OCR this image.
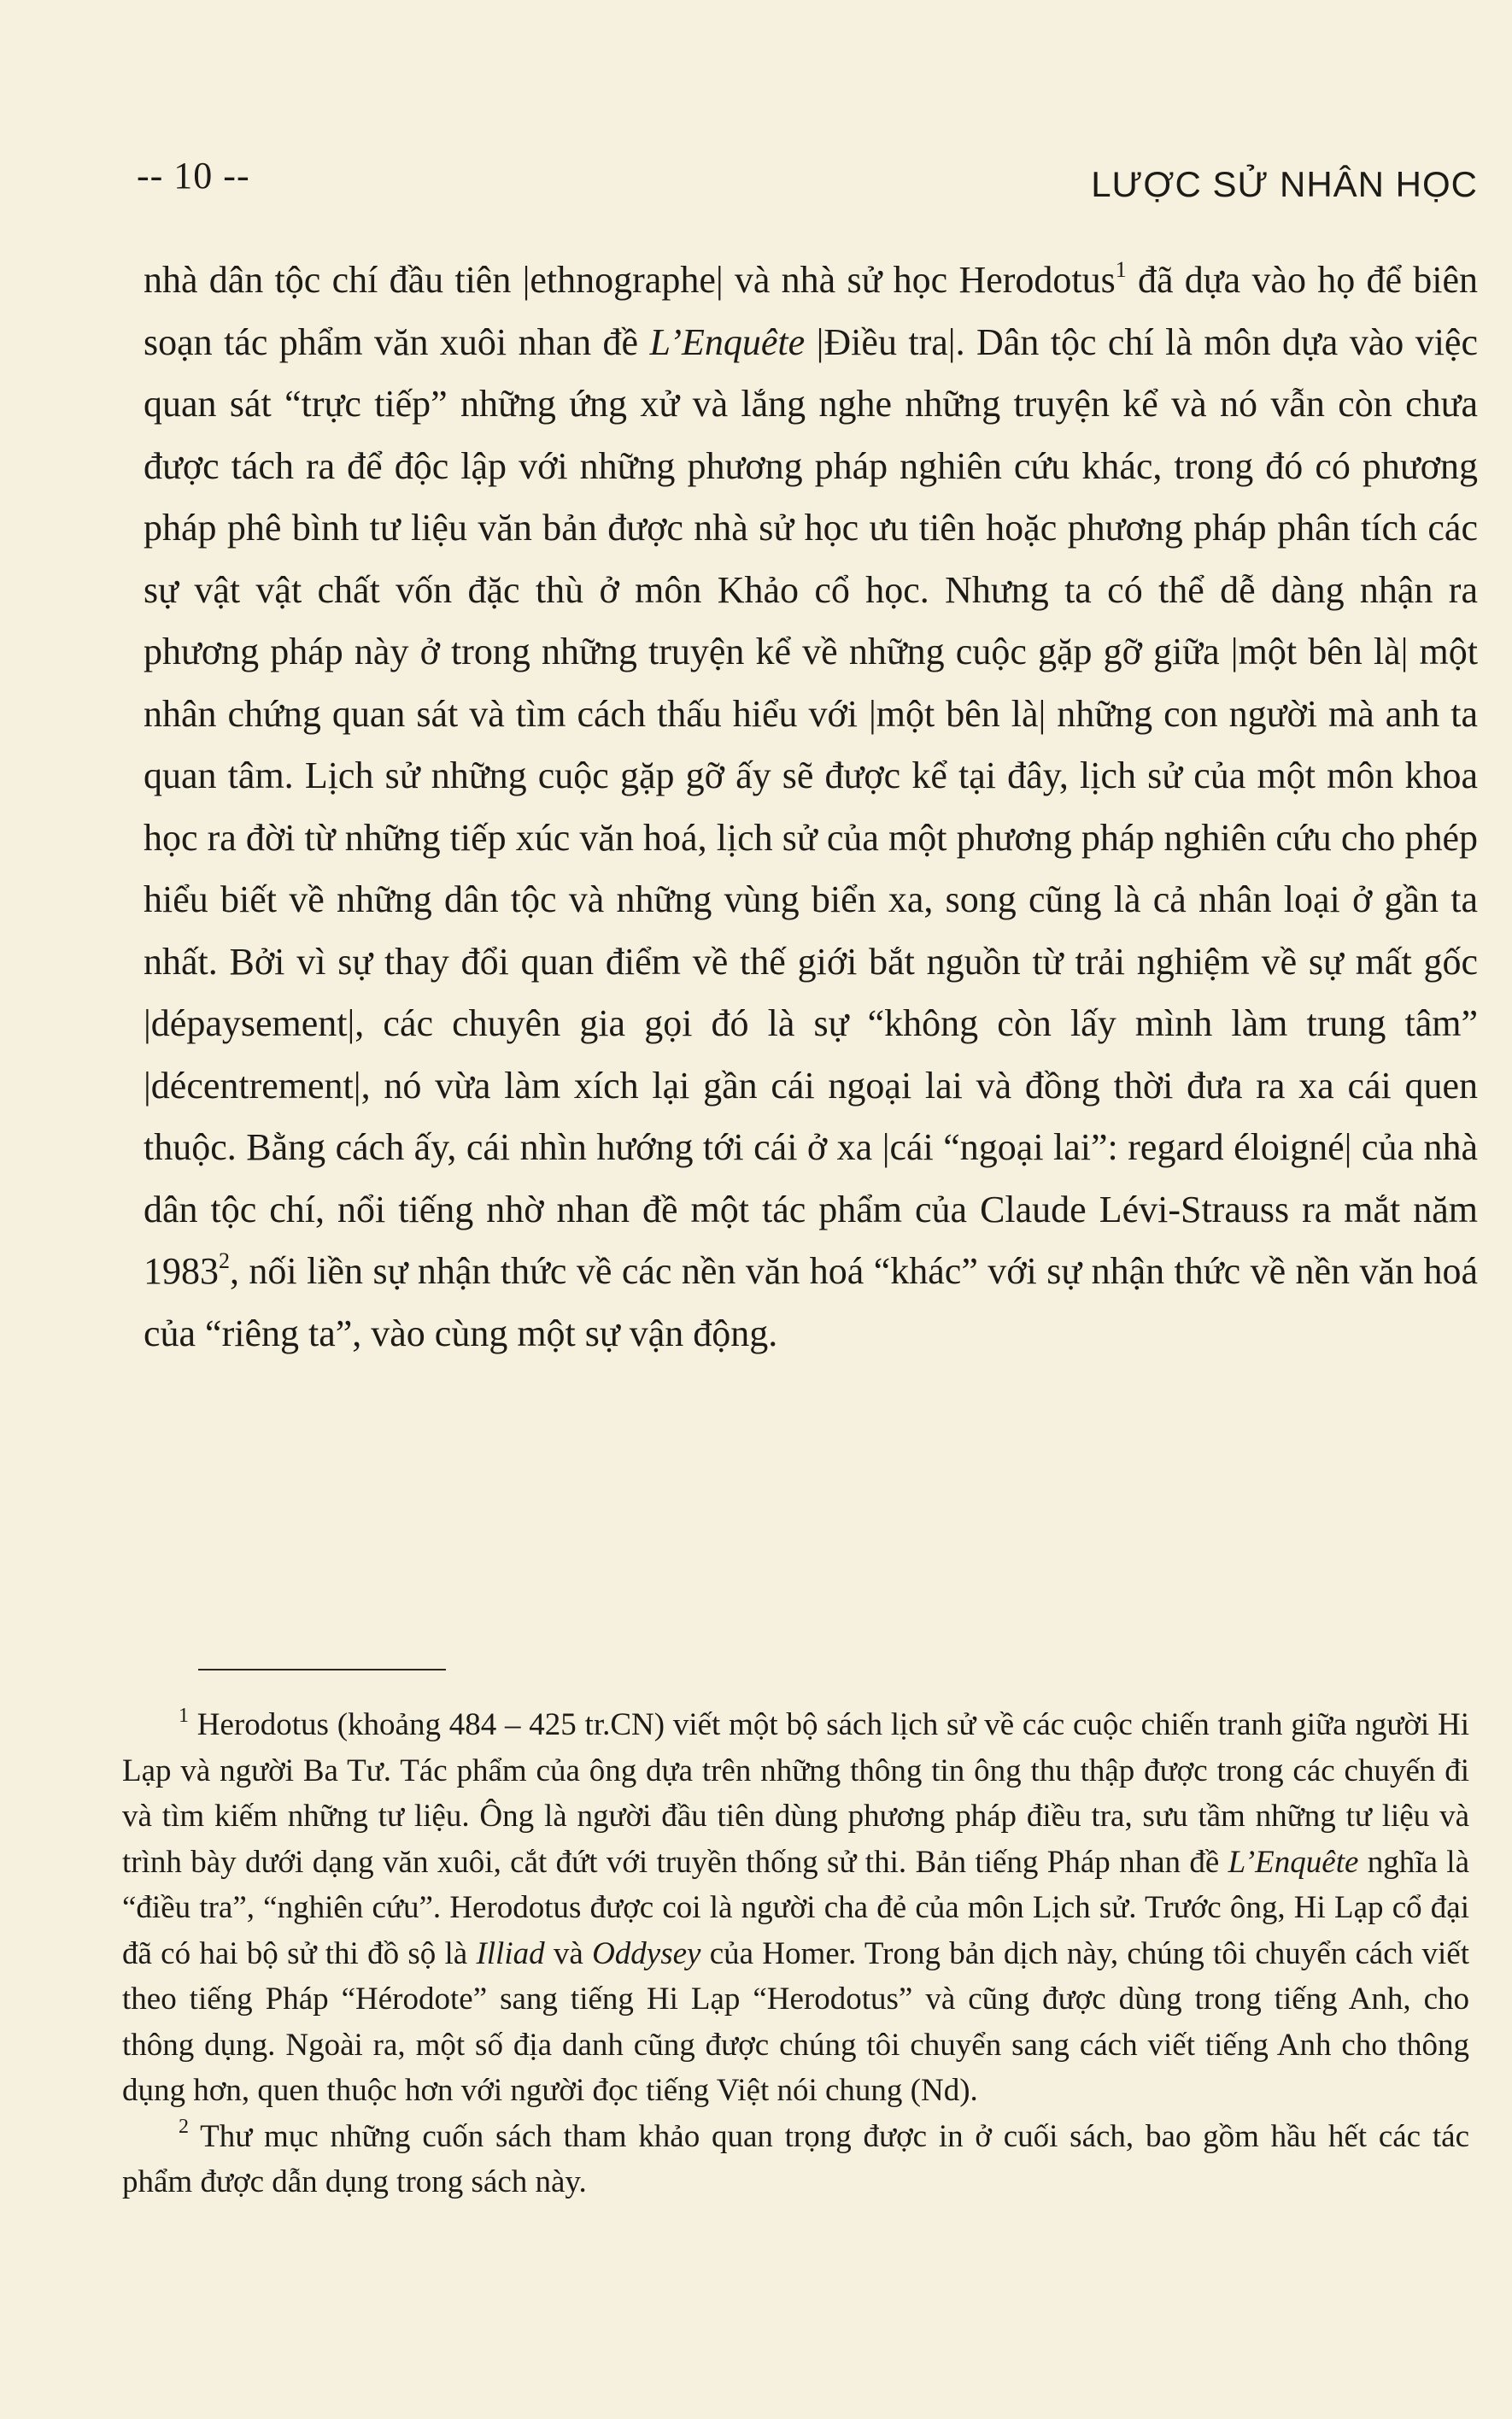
-- 10 --	LƯỢC SỬ NHÂN HỌC

nhà dân tộc chí đầu tiên |ethnographe| và nhà sử học Herodotus$^1$ đã dựa vào họ để biên soạn tác phẩm văn xuôi nhan đề L’Enquête |Điều tra|. Dân tộc chí là môn dựa vào việc quan sát “trực tiếp” những ứng xử và lắng nghe những truyện kể và nó vẫn còn chưa được tách ra để độc lập với những phương pháp nghiên cứu khác, trong đó có phương pháp phê bình tư liệu văn bản được nhà sử học ưu tiên hoặc phương pháp phân tích các sự vật vật chất vốn đặc thù ở môn Khảo cổ học. Nhưng ta có thể dễ dàng nhận ra phương pháp này ở trong những truyện kể về những cuộc gặp gỡ giữa |một bên là| một nhân chứng quan sát và tìm cách thấu hiểu với |một bên là| những con người mà anh ta quan tâm. Lịch sử những cuộc gặp gỡ ấy sẽ được kể tại đây, lịch sử của một môn khoa học ra đời từ những tiếp xúc văn hoá, lịch sử của một phương pháp nghiên cứu cho phép hiểu biết về những dân tộc và những vùng biển xa, song cũng là cả nhân loại ở gần ta nhất. Bởi vì sự thay đổi quan điểm về thế giới bắt nguồn từ trải nghiệm về sự mất gốc |dépaysement|, các chuyên gia gọi đó là sự “không còn lấy mình làm trung tâm” |décentrement|, nó vừa làm xích lại gần cái ngoại lai và đồng thời đưa ra xa cái quen thuộc. Bằng cách ấy, cái nhìn hướng tới cái ở xa |cái “ngoại lai”: regard éloigné| của nhà dân tộc chí, nổi tiếng nhờ nhan đề một tác phẩm của Claude Lévi-Strauss ra mắt năm 1983$^2$, nối liền sự nhận thức về các nền văn hoá “khác” với sự nhận thức về nền văn hoá của “riêng ta”, vào cùng một sự vận động.

$^1$ Herodotus (khoảng 484 – 425 tr.CN) viết một bộ sách lịch sử về các cuộc chiến tranh giữa người Hi Lạp và người Ba Tư. Tác phẩm của ông dựa trên những thông tin ông thu thập được trong các chuyến đi và tìm kiếm những tư liệu. Ông là người đầu tiên dùng phương pháp điều tra, sưu tầm những tư liệu và trình bày dưới dạng văn xuôi, cắt đứt với truyền thống sử thi. Bản tiếng Pháp nhan đề L’Enquête nghĩa là “điều tra”, “nghiên cứu”. Herodotus được coi là người cha đẻ của môn Lịch sử. Trước ông, Hi Lạp cổ đại đã có hai bộ sử thi đồ sộ là Illiad và Oddysey của Homer. Trong bản dịch này, chúng tôi chuyển cách viết theo tiếng Pháp “Hérodote” sang tiếng Hi Lạp “Herodotus” và cũng được dùng trong tiếng Anh, cho thông dụng. Ngoài ra, một số địa danh cũng được chúng tôi chuyển sang cách viết tiếng Anh cho thông dụng hơn, quen thuộc hơn với người đọc tiếng Việt nói chung (Nd).

$^2$ Thư mục những cuốn sách tham khảo quan trọng được in ở cuối sách, bao gồm hầu hết các tác phẩm được dẫn dụng trong sách này.
